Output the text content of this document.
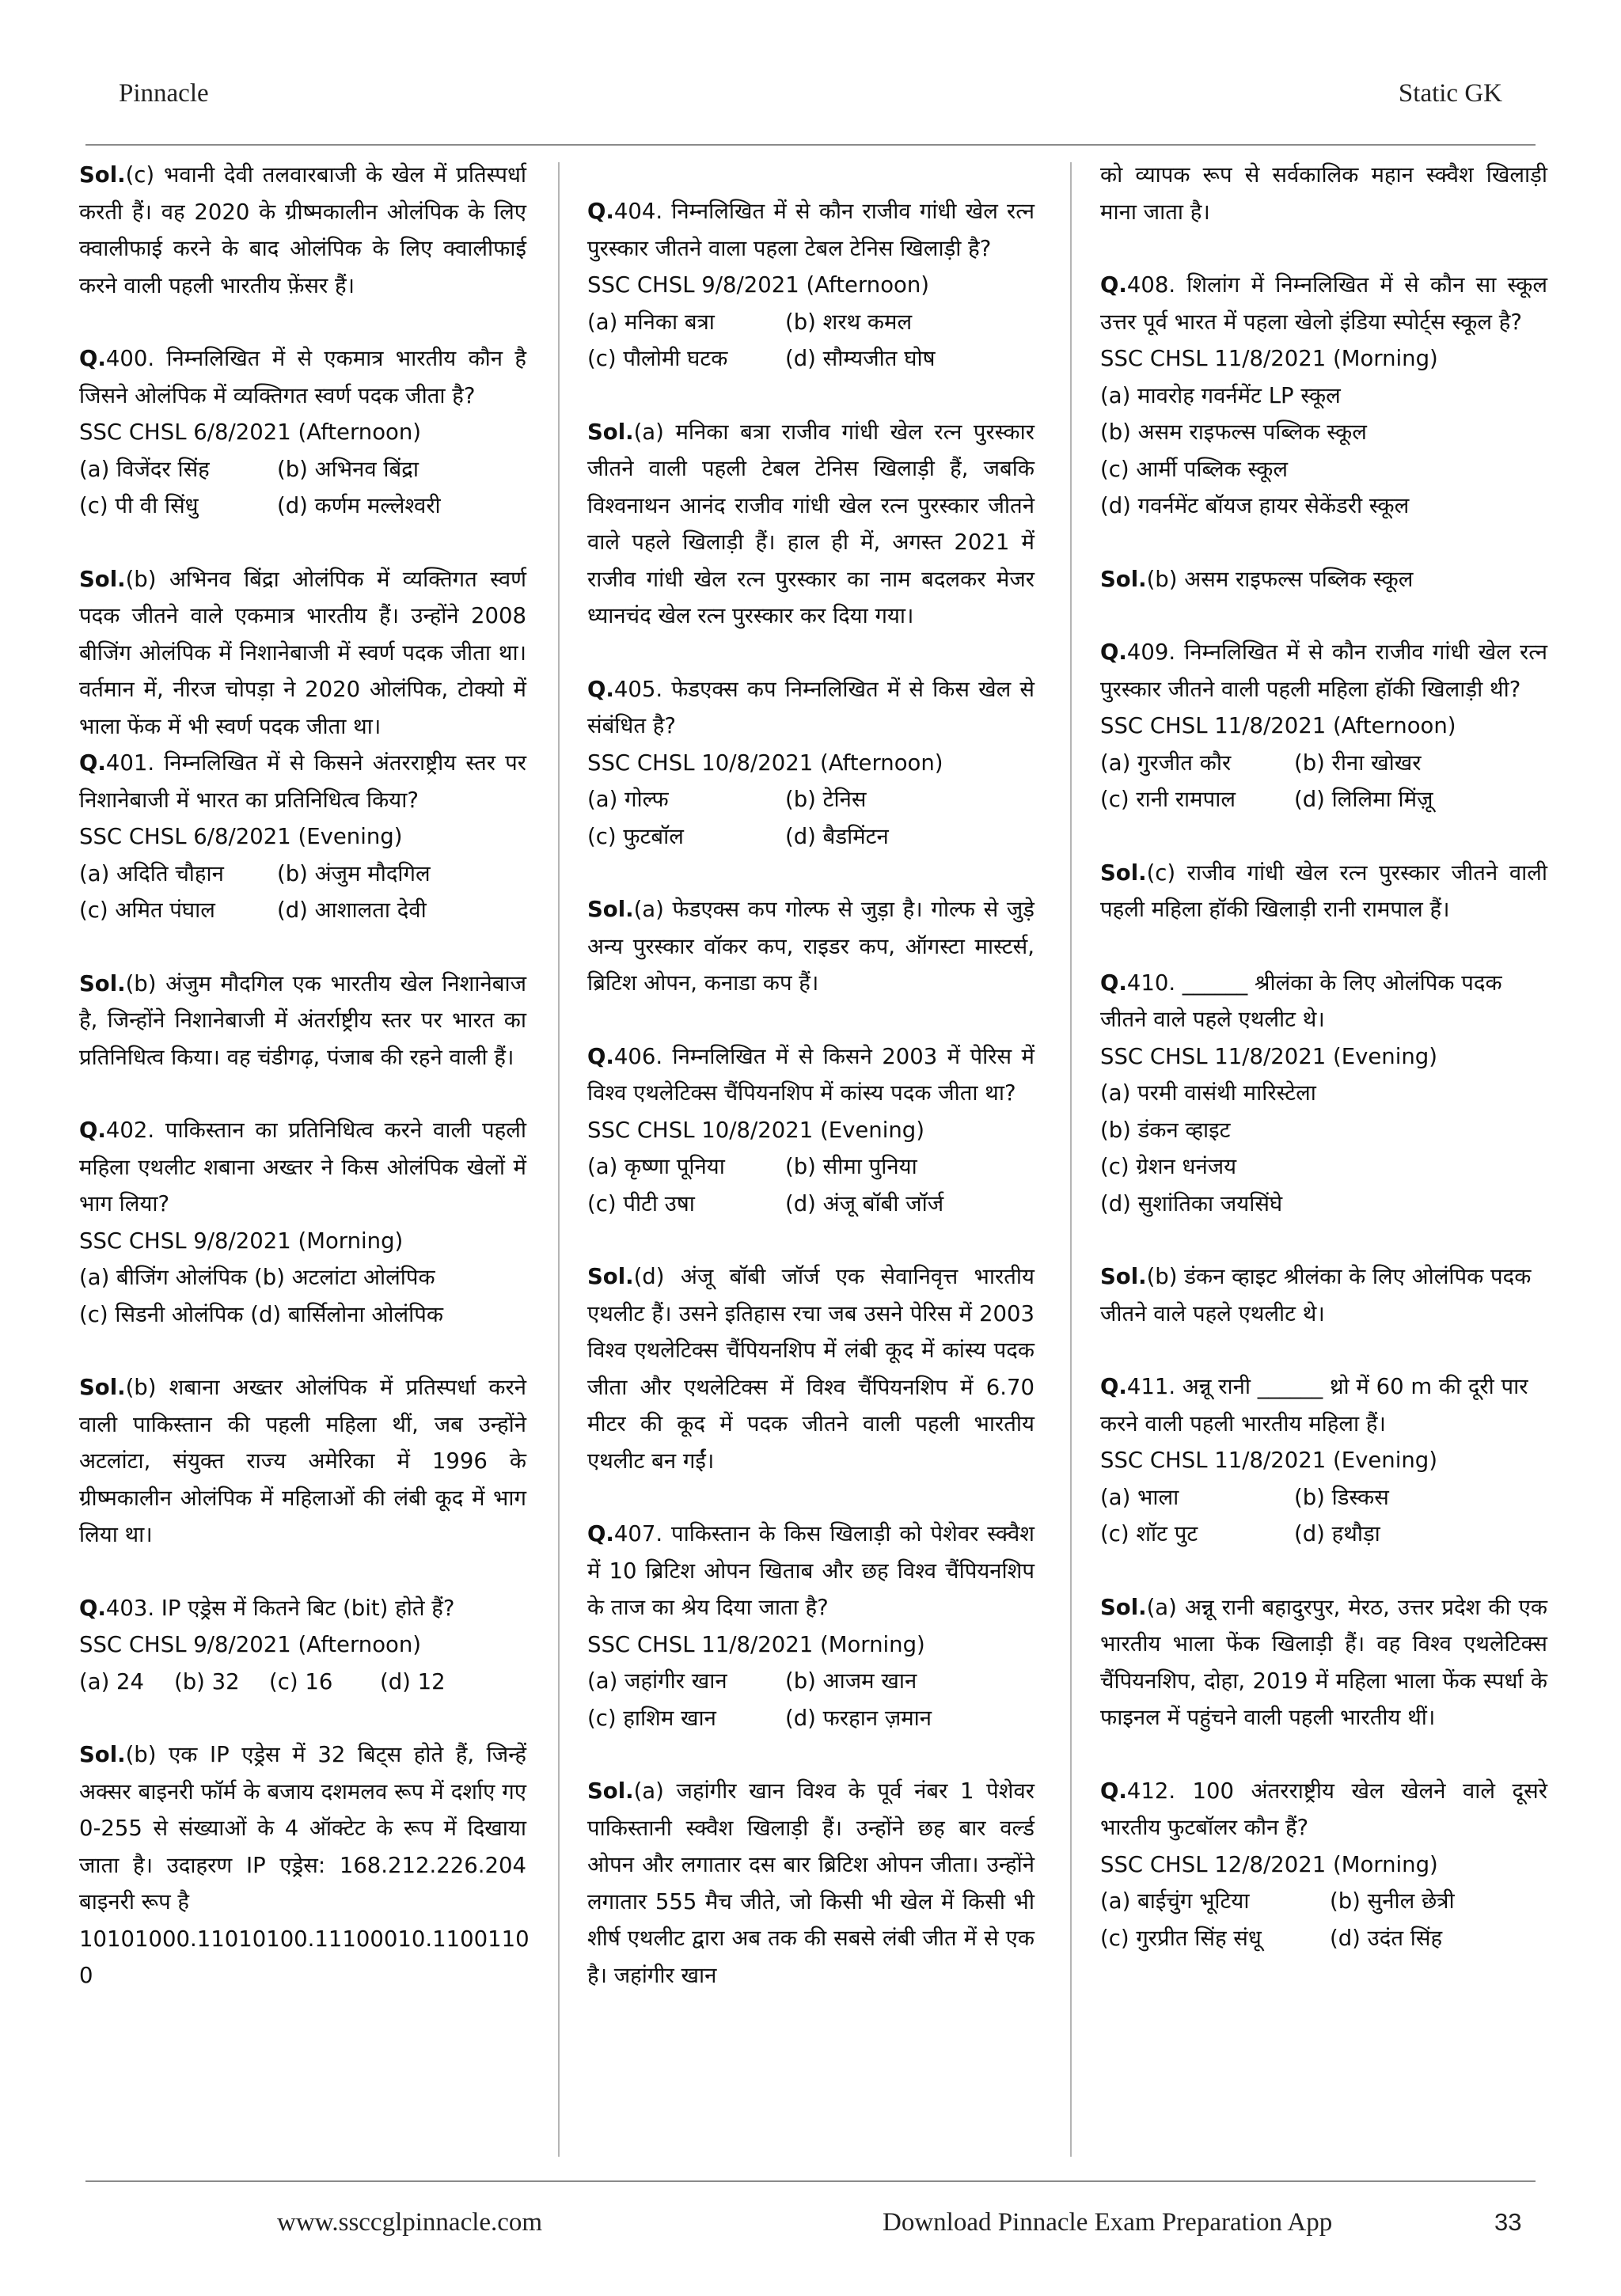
Pinnacle	Static GK

Sol.(c) भवानी देवी तलवारबाजी के खेल में प्रतिस्पर्धा करती हैं। वह 2020 के ग्रीष्मकालीन ओलंपिक के लिए क्वालीफाई करने के बाद ओलंपिक के लिए क्वालीफाई करने वाली पहली भारतीय फ़ेंसर हैं।

Q.400. निम्नलिखित में से एकमात्र भारतीय कौन है जिसने ओलंपिक में व्यक्तिगत स्वर्ण पदक जीता है?

SSC CHSL 6/8/2021 (Afternoon)

(a) विजेंदर सिंह	(b) अभिनव बिंद्रा
(c) पी वी सिंधु	(d) कर्णम मल्लेश्वरी

Sol.(b) अभिनव बिंद्रा ओलंपिक में व्यक्तिगत स्वर्ण पदक जीतने वाले एकमात्र भारतीय हैं। उन्होंने 2008 बीजिंग ओलंपिक में निशानेबाजी में स्वर्ण पदक जीता था। वर्तमान में, नीरज चोपड़ा ने 2020 ओलंपिक, टोक्यो में भाला फेंक में भी स्वर्ण पदक जीता था।

Q.401. निम्नलिखित में से किसने अंतरराष्ट्रीय स्तर पर निशानेबाजी में भारत का प्रतिनिधित्व किया?

SSC CHSL 6/8/2021 (Evening)

(a) अदिति चौहान	(b) अंजुम मौदगिल
(c) अमित पंघाल	(d) आशालता देवी

Sol.(b) अंजुम मौदगिल एक भारतीय खेल निशानेबाज है, जिन्होंने निशानेबाजी में अंतर्राष्ट्रीय स्तर पर भारत का प्रतिनिधित्व किया। वह चंडीगढ़, पंजाब की रहने वाली हैं।

Q.402. पाकिस्तान का प्रतिनिधित्व करने वाली पहली महिला एथलीट शबाना अख्तर ने किस ओलंपिक खेलों में भाग लिया?

SSC CHSL 9/8/2021 (Morning)

(a) बीजिंग ओलंपिक (b) अटलांटा ओलंपिक

(c) सिडनी ओलंपिक (d) बार्सिलोना ओलंपिक

Sol.(b) शबाना अख्तर ओलंपिक में प्रतिस्पर्धा करने वाली पाकिस्तान की पहली महिला थीं, जब उन्होंने अटलांटा, संयुक्त राज्य अमेरिका में 1996 के ग्रीष्मकालीन ओलंपिक में महिलाओं की लंबी कूद में भाग लिया था।

Q.403. IP एड्रेस में कितने बिट (bit) होते हैं?

SSC CHSL 9/8/2021 (Afternoon)

(a) 24	(b) 32	(c) 16	(d) 12

Sol.(b) एक IP एड्रेस में 32 बिट्स होते हैं, जिन्हें अक्सर बाइनरी फॉर्म के बजाय दशमलव रूप में दर्शाए गए 0-255 से संख्याओं के 4 ऑक्टेट के रूप में दिखाया जाता है। उदाहरण IP एड्रेस: 168.212.226.204 बाइनरी रूप है

10101000.11010100.11100010.1100110

0

Q.404. निम्नलिखित में से कौन राजीव गांधी खेल रत्न पुरस्कार जीतने वाला पहला टेबल टेनिस खिलाड़ी है?

SSC CHSL 9/8/2021 (Afternoon)

(a) मनिका बत्रा	(b) शरथ कमल
(c) पौलोमी घटक	(d) सौम्यजीत घोष

Sol.(a) मनिका बत्रा राजीव गांधी खेल रत्न पुरस्कार जीतने वाली पहली टेबल टेनिस खिलाड़ी हैं, जबकि विश्वनाथन आनंद राजीव गांधी खेल रत्न पुरस्कार जीतने वाले पहले खिलाड़ी हैं। हाल ही में, अगस्त 2021 में राजीव गांधी खेल रत्न पुरस्कार का नाम बदलकर मेजर ध्यानचंद खेल रत्न पुरस्कार कर दिया गया।

Q.405. फेडएक्स कप निम्नलिखित में से किस खेल से संबंधित है?

SSC CHSL 10/8/2021 (Afternoon)

(a) गोल्फ	(b) टेनिस
(c) फुटबॉल	(d) बैडमिंटन

Sol.(a) फेडएक्स कप गोल्फ से जुड़ा है। गोल्फ से जुड़े अन्य पुरस्कार वॉकर कप, राइडर कप, ऑगस्टा मास्टर्स, ब्रिटिश ओपन, कनाडा कप हैं।

Q.406. निम्नलिखित में से किसने 2003 में पेरिस में विश्व एथलेटिक्स चैंपियनशिप में कांस्य पदक जीता था?

SSC CHSL 10/8/2021 (Evening)

(a) कृष्णा पूनिया	(b) सीमा पुनिया
(c) पीटी उषा	(d) अंजू बॉबी जॉर्ज

Sol.(d) अंजू बॉबी जॉर्ज एक सेवानिवृत्त भारतीय एथलीट हैं। उसने इतिहास रचा जब उसने पेरिस में 2003 विश्व एथलेटिक्स चैंपियनशिप में लंबी कूद में कांस्य पदक जीता और एथलेटिक्स में विश्व चैंपियनशिप में 6.70 मीटर की कूद में पदक जीतने वाली पहली भारतीय एथलीट बन गईं।

Q.407. पाकिस्तान के किस खिलाड़ी को पेशेवर स्क्वैश में 10 ब्रिटिश ओपन खिताब और छह विश्व चैंपियनशिप के ताज का श्रेय दिया जाता है?

SSC CHSL 11/8/2021 (Morning)

(a) जहांगीर खान	(b) आजम खान
(c) हाशिम खान	(d) फरहान ज़मान

Sol.(a) जहांगीर खान विश्व के पूर्व नंबर 1 पेशेवर पाकिस्तानी स्क्वैश खिलाड़ी हैं। उन्होंने छह बार वर्ल्ड ओपन और लगातार दस बार ब्रिटिश ओपन जीता। उन्होंने लगातार 555 मैच जीते, जो किसी भी खेल में किसी भी शीर्ष एथलीट द्वारा अब तक की सबसे लंबी जीत में से एक है। जहांगीर खान

को व्यापक रूप से सर्वकालिक महान स्क्वैश खिलाड़ी माना जाता है।

Q.408. शिलांग में निम्नलिखित में से कौन सा स्कूल उत्तर पूर्व भारत में पहला खेलो इंडिया स्पोर्ट्स स्कूल है?

SSC CHSL 11/8/2021 (Morning)

(a) मावरोह गवर्नमेंट LP स्कूल

(b) असम राइफल्स पब्लिक स्कूल

(c) आर्मी पब्लिक स्कूल

(d) गवर्नमेंट बॉयज हायर सेकेंडरी स्कूल

Sol.(b) असम राइफल्स पब्लिक स्कूल

Q.409. निम्नलिखित में से कौन राजीव गांधी खेल रत्न पुरस्कार जीतने वाली पहली महिला हॉकी खिलाड़ी थी?

SSC CHSL 11/8/2021 (Afternoon)

(a) गुरजीत कौर	(b) रीना खोखर
(c) रानी रामपाल	(d) लिलिमा मिंज़ू

Sol.(c) राजीव गांधी खेल रत्न पुरस्कार जीतने वाली पहली महिला हॉकी खिलाड़ी रानी रामपाल हैं।

Q.410. ______ श्रीलंका के लिए ओलंपिक पदक जीतने वाले पहले एथलीट थे।

SSC CHSL 11/8/2021 (Evening)

(a) परमी वासंथी मारिस्टेला

(b) डंकन व्हाइट

(c) ग्रेशन धनंजय

(d) सुशांतिका जयसिंघे

Sol.(b) डंकन व्हाइट श्रीलंका के लिए ओलंपिक पदक जीतने वाले पहले एथलीट थे।

Q.411. अन्नू रानी ______ थ्रो में 60 m की दूरी पार करने वाली पहली भारतीय महिला हैं।

SSC CHSL 11/8/2021 (Evening)

(a) भाला	(b) डिस्कस
(c) शॉट पुट	(d) हथौड़ा

Sol.(a) अन्नू रानी बहादुरपुर, मेरठ, उत्तर प्रदेश की एक भारतीय भाला फेंक खिलाड़ी हैं। वह विश्व एथलेटिक्स चैंपियनशिप, दोहा, 2019 में महिला भाला फेंक स्पर्धा के फाइनल में पहुंचने वाली पहली भारतीय थीं।

Q.412. 100 अंतरराष्ट्रीय खेल खेलने वाले दूसरे भारतीय फुटबॉलर कौन हैं?

SSC CHSL 12/8/2021 (Morning)

(a) बाईचुंग भूटिया	(b) सुनील छेत्री
(c) गुरप्रीत सिंह संधू	(d) उदंत सिंह
www.ssccglpinnacle.com	Download Pinnacle Exam Preparation App	33
